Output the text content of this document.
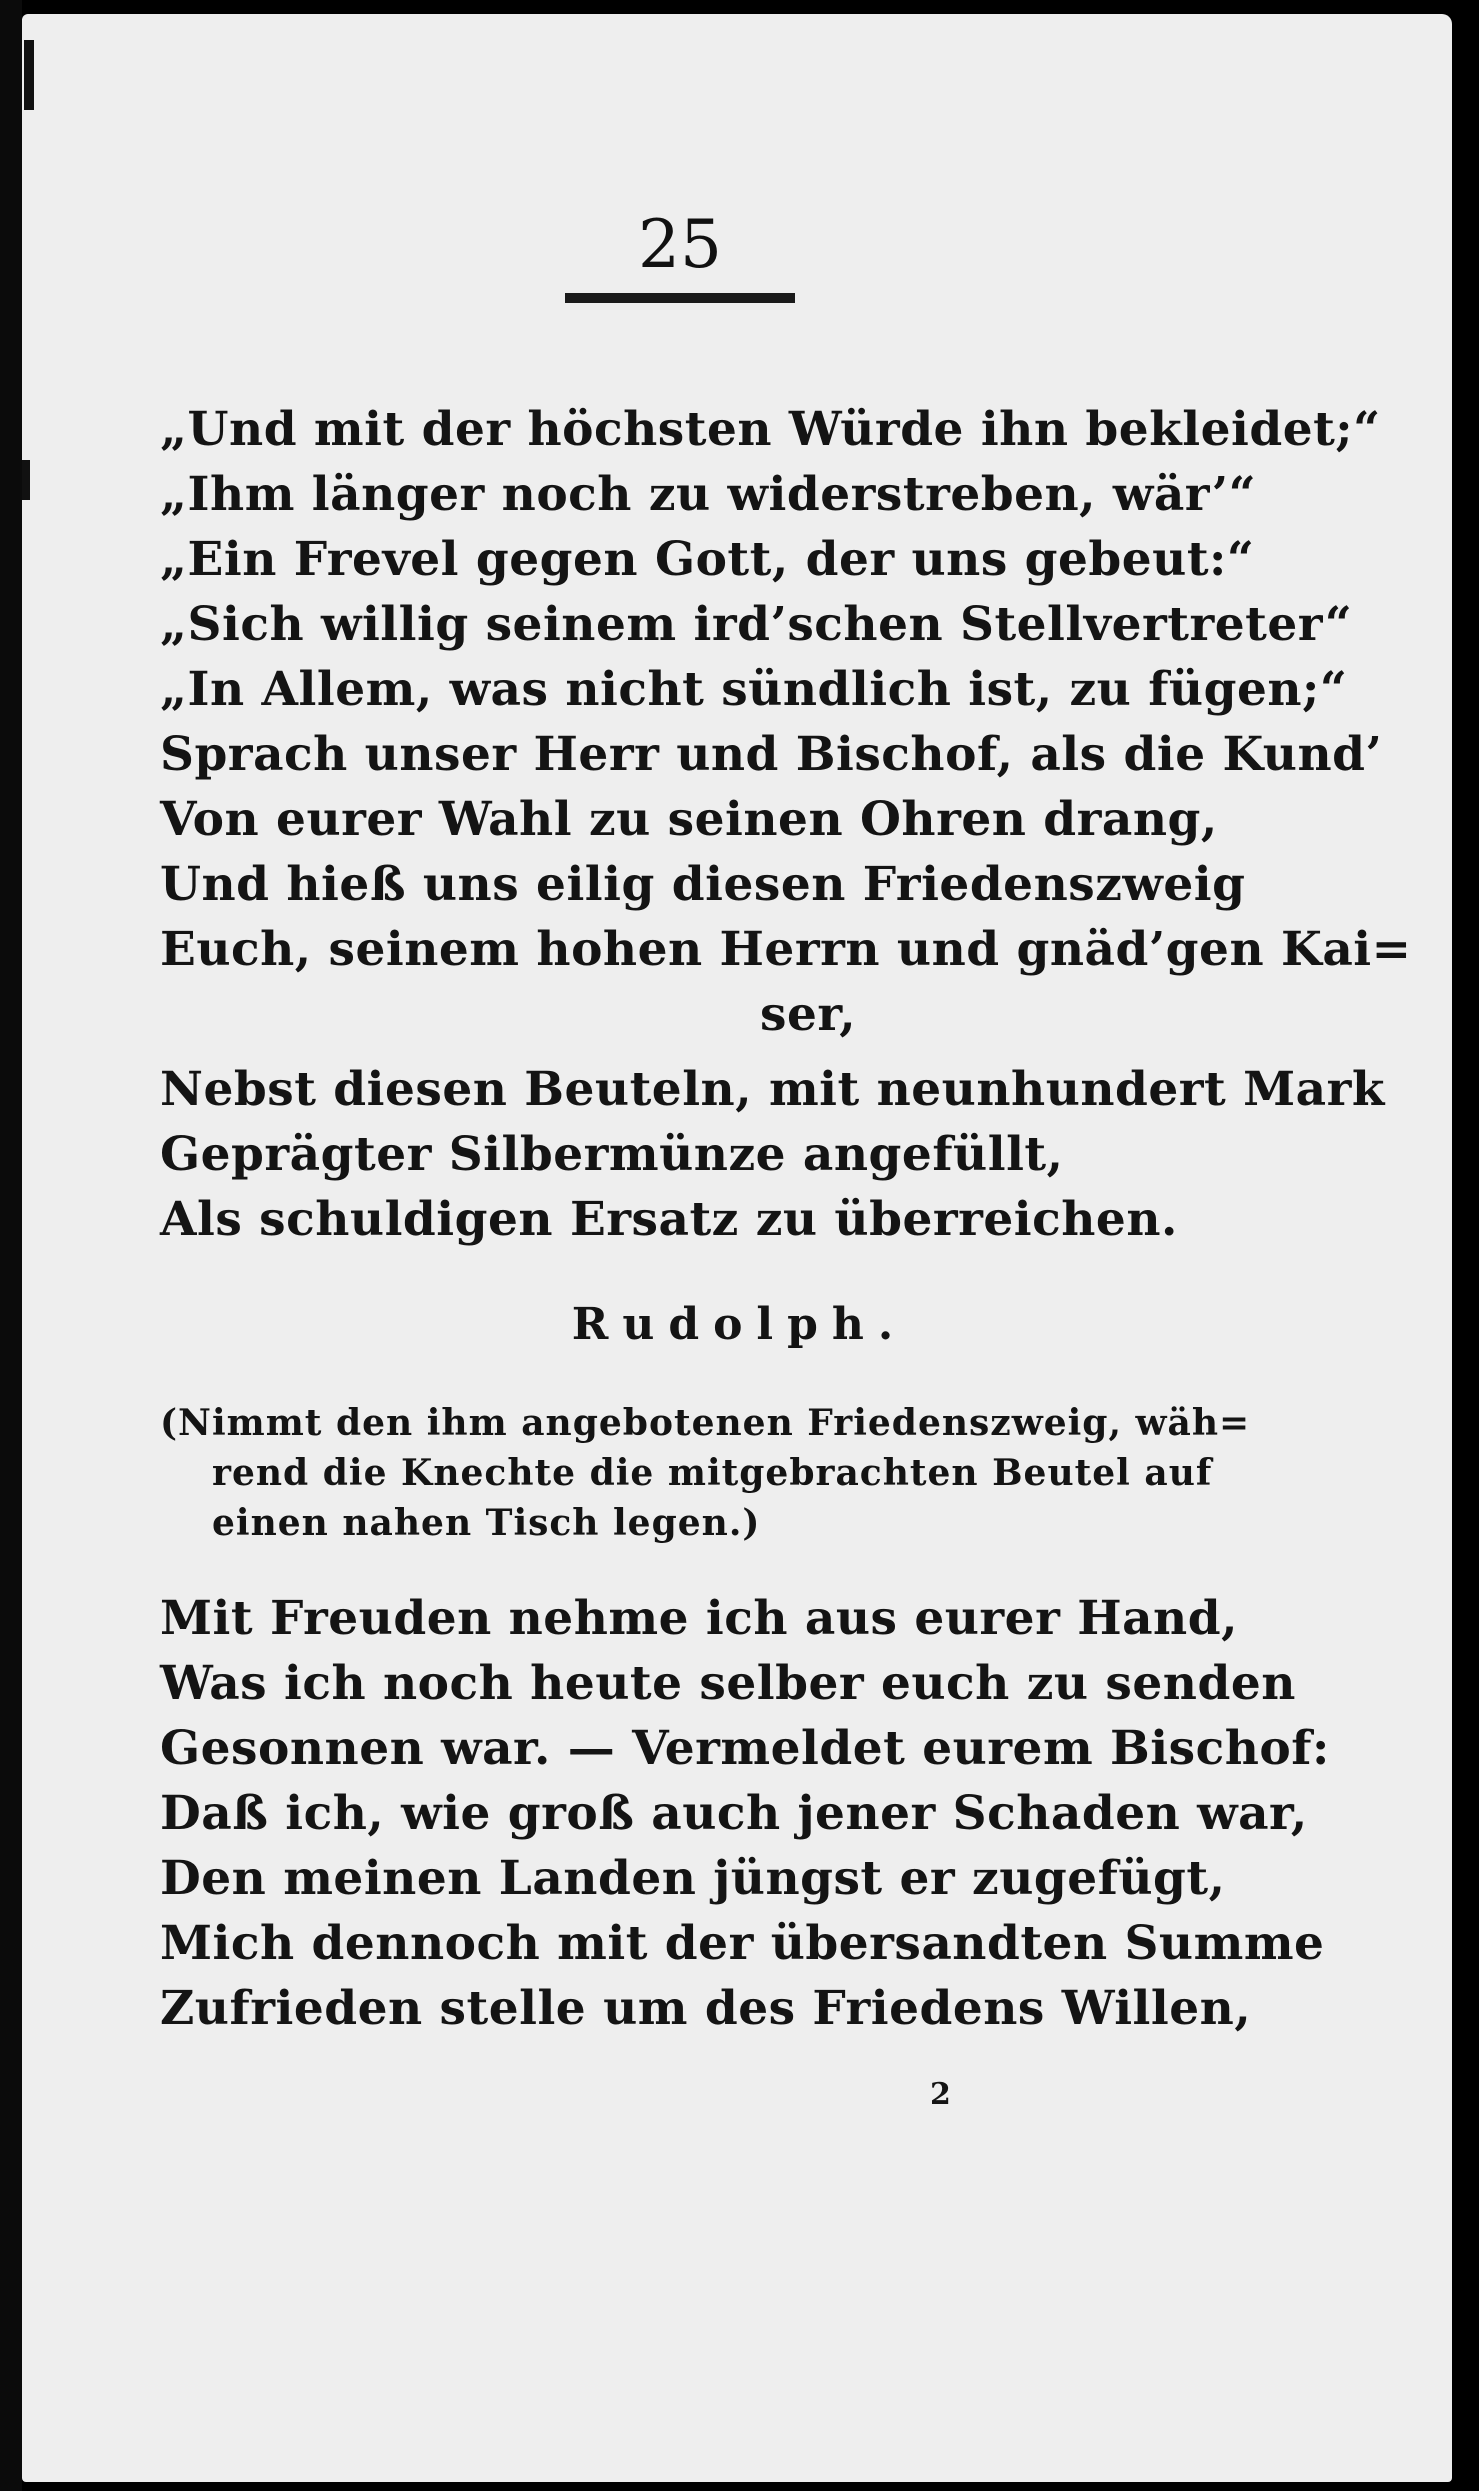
25
„Und mit der höchsten Würde ihn bekleidet;“
„Ihm länger noch zu widerstreben, wär’“
„Ein Frevel gegen Gott, der uns gebeut:“
„Sich willig seinem ird’schen Stellvertreter“
„In Allem, was nicht sündlich ist, zu fügen;“
Sprach unser Herr und Bischof, als die Kund’
Von eurer Wahl zu seinen Ohren drang,
Und hieß uns eilig diesen Friedenszweig
Euch, seinem hohen Herrn und gnäd’gen Kai=
ser,
Nebst diesen Beuteln, mit neunhundert Mark
Geprägter Silbermünze angefüllt,
Als schuldigen Ersatz zu überreichen.
Rudolph.
(Nimmt den ihm angebotenen Friedenszweig, wäh=
rend die Knechte die mitgebrachten Beutel auf
einen nahen Tisch legen.)
Mit Freuden nehme ich aus eurer Hand,
Was ich noch heute selber euch zu senden
Gesonnen war. — Vermeldet eurem Bischof:
Daß ich, wie groß auch jener Schaden war,
Den meinen Landen jüngst er zugefügt,
Mich dennoch mit der übersandten Summe
Zufrieden stelle um des Friedens Willen,
2
